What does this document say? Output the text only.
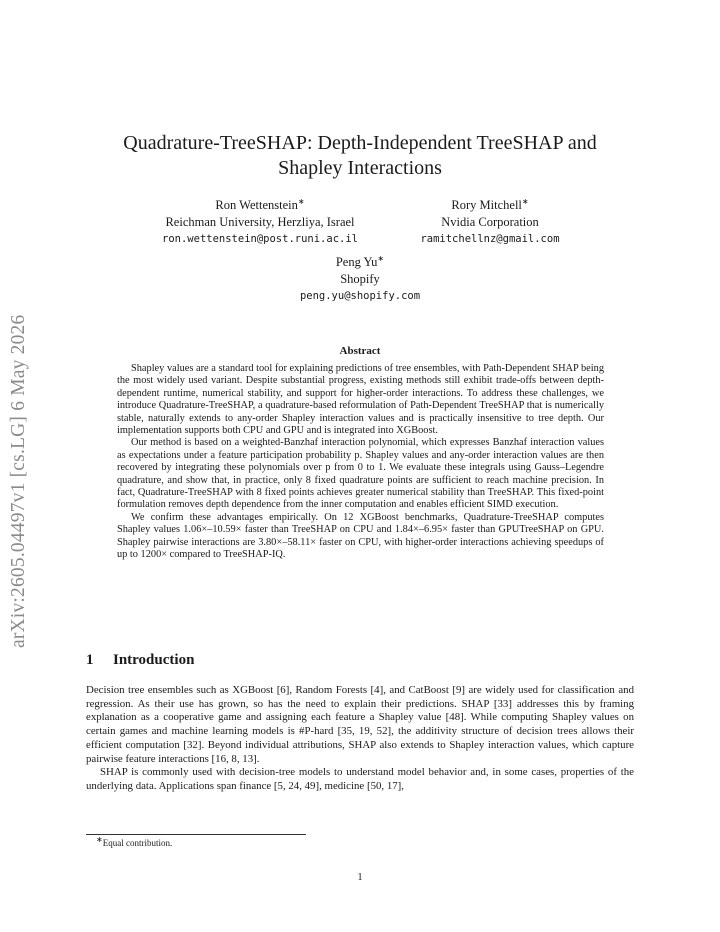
arXiv:2605.04497v1 [cs.LG] 6 May 2026
Quadrature-TreeSHAP: Depth-Independent TreeSHAP and Shapley Interactions
Ron Wettenstein∗
Reichman University, Herzliya, Israel
ron.wettenstein@post.runi.ac.il
Rory Mitchell∗
Nvidia Corporation
ramitchellnz@gmail.com
Peng Yu∗
Shopify
peng.yu@shopify.com
Abstract

Shapley values are a standard tool for explaining predictions of tree ensembles, with Path-Dependent SHAP being the most widely used variant. Despite substantial progress, existing methods still exhibit trade-offs between depth-dependent runtime, numerical stability, and support for higher-order interactions. To address these challenges, we introduce Quadrature-TreeSHAP, a quadrature-based reformulation of Path-Dependent TreeSHAP that is numerically stable, naturally extends to any-order Shapley interaction values and is practically insensitive to tree depth. Our implementation supports both CPU and GPU and is integrated into XGBoost.

Our method is based on a weighted-Banzhaf interaction polynomial, which expresses Banzhaf interaction values as expectations under a feature participation probability p. Shapley values and any-order interaction values are then recovered by integrating these polynomials over p from 0 to 1. We evaluate these integrals using Gauss–Legendre quadrature, and show that, in practice, only 8 fixed quadrature points are sufficient to reach machine precision. In fact, Quadrature-TreeSHAP with 8 fixed points achieves greater numerical stability than TreeSHAP. This fixed-point formulation removes depth dependence from the inner computation and enables efficient SIMD execution.

We confirm these advantages empirically. On 12 XGBoost benchmarks, Quadrature-TreeSHAP computes Shapley values 1.06×–10.59× faster than TreeSHAP on CPU and 1.84×–6.95× faster than GPUTreeSHAP on GPU. Shapley pairwise interactions are 3.80×–58.11× faster on CPU, with higher-order interactions achieving speedups of up to 1200× compared to TreeSHAP-IQ.

1 Introduction

Decision tree ensembles such as XGBoost [6], Random Forests [4], and CatBoost [9] are widely used for classification and regression. As their use has grown, so has the need to explain their predictions. SHAP [33] addresses this by framing explanation as a cooperative game and assigning each feature a Shapley value [48]. While computing Shapley values on certain games and machine learning models is #P-hard [35, 19, 52], the additivity structure of decision trees allows their efficient computation [32]. Beyond individual attributions, SHAP also extends to Shapley interaction values, which capture pairwise feature interactions [16, 8, 13].

SHAP is commonly used with decision-tree models to understand model behavior and, in some cases, properties of the underlying data. Applications span finance [5, 24, 49], medicine [50, 17],

∗Equal contribution.
1
